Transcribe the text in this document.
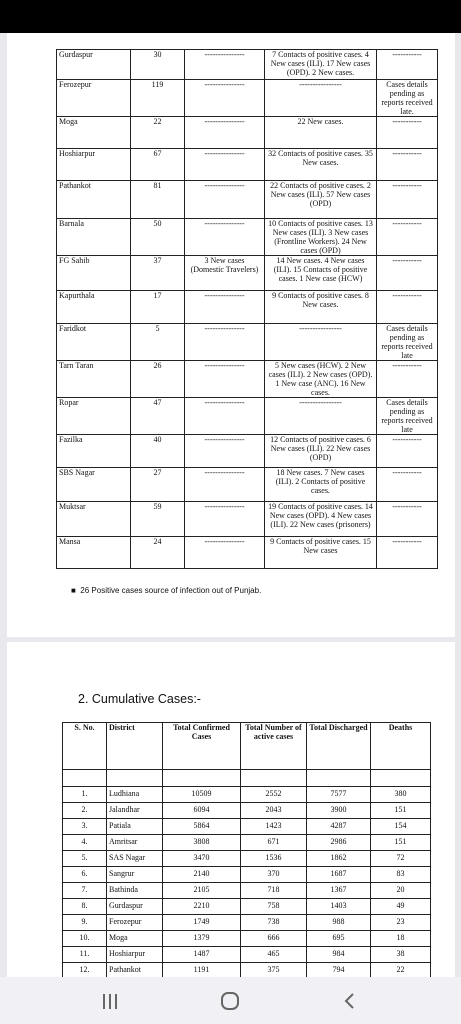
Gurdaspur	30	---------------	7 Contacts of positive cases. 4 New cases (ILI). 17 New cases (OPD). 2 New cases.	-----------
Ferozepur	119	---------------	----------------	Cases details pending as reports received late.
Moga	22	---------------	22 New cases.	-----------
Hoshiarpur	67	---------------	32 Contacts of positive cases. 35 New cases.	-----------
Pathankot	81	---------------	22 Contacts of positive cases. 2 New cases (ILI). 57 New cases (OPD)	-----------
Barnala	50	---------------	10 Contacts of positive cases. 13 New cases (ILI). 3 New cases (Frontline Workers). 24 New cases (OPD)	-----------
FG Sahib	37	3 New cases (Domestic Travelers)	14 New cases. 4 New cases (ILI). 15 Contacts of positive cases. 1 New case (HCW)	-----------
Kapurthala	17	---------------	9 Contacts of positive cases. 8 New cases.	-----------
Faridkot	5	---------------	----------------	Cases details pending as reports received late
Tarn Taran	26	---------------	5 New cases (HCW). 2 New cases (ILI). 2 New cases (OPD). 1 New case (ANC). 16 New cases.	-----------
Ropar	47	---------------	----------------	Cases details pending as reports received late
Fazilka	40	---------------	12 Contacts of positive cases. 6 New cases (ILI). 22 New cases (OPD)	-----------
SBS Nagar	27	---------------	18 New cases. 7 New cases (ILI). 2 Contacts of positive cases.	-----------
Muktsar	59	---------------	19 Contacts of positive cases. 14 New cases (OPD). 4 New cases (ILI). 22 New cases (prisoners)	-----------
Mansa	24	---------------	9 Contacts of positive cases. 15 New cases	-----------
■ 26 Positive cases source of infection out of Punjab.
2. Cumulative Cases:-
S. No.	District	Total Confirmed Cases	Total Number of active cases	Total Discharged	Deaths

1.	Ludhiana	10509	2552	7577	380
2.	Jalandhar	6094	2043	3900	151
3.	Patiala	5864	1423	4287	154
4.	Amritsar	3808	671	2986	151
5.	SAS Nagar	3470	1536	1862	72
6.	Sangrur	2140	370	1687	83
7.	Bathinda	2105	718	1367	20
8.	Gurdaspur	2210	758	1403	49
9.	Ferozepur	1749	738	988	23
10.	Moga	1379	666	695	18
11.	Hoshiarpur	1487	465	984	38
12.	Pathankot	1191	375	794	22
